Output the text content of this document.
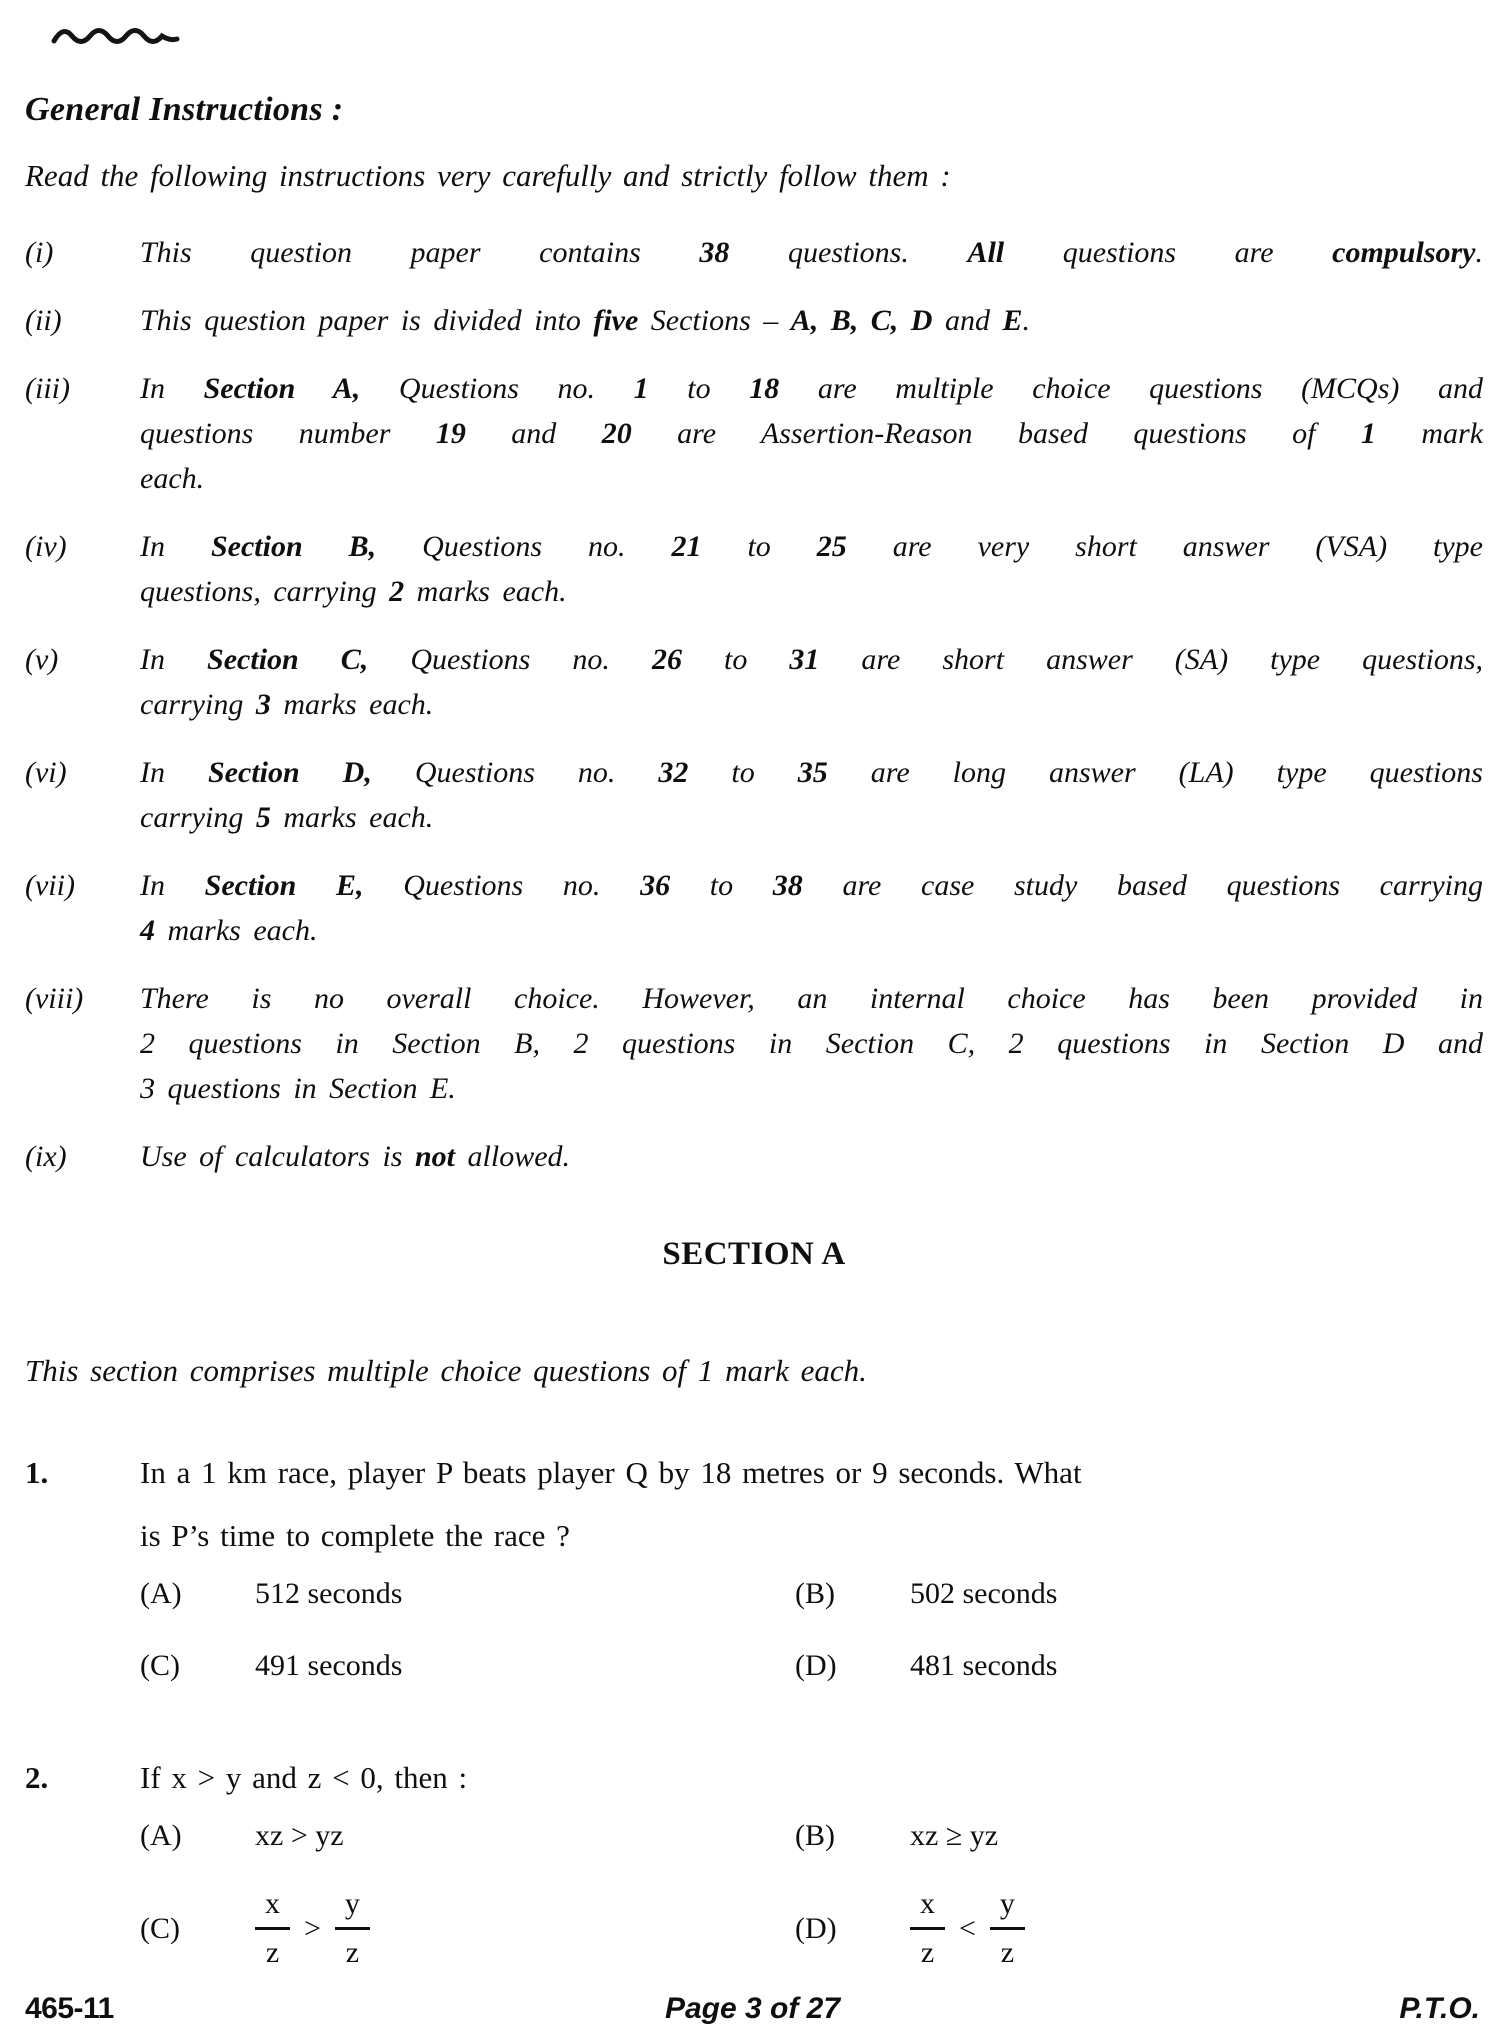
General Instructions :
Read the following instructions very carefully and strictly follow them :
(i)	This question paper contains 38 questions. All questions are compulsory.
(ii)	This question paper is divided into five Sections – A, B, C, D and E.
(iii)	In Section A, Questions no. 1 to 18 are multiple choice questions (MCQs) and
questions number 19 and 20 are Assertion-Reason based questions of 1 mark
each.
(iv)	In Section B, Questions no. 21 to 25 are very short answer (VSA) type
questions, carrying 2 marks each.
(v)	In Section C, Questions no. 26 to 31 are short answer (SA) type questions,
carrying 3 marks each.
(vi)	In Section D, Questions no. 32 to 35 are long answer (LA) type questions
carrying 5 marks each.
(vii)	In Section E, Questions no. 36 to 38 are case study based questions carrying
4 marks each.
(viii)	There is no overall choice. However, an internal choice has been provided in
2 questions in Section B, 2 questions in Section C, 2 questions in Section D and
3 questions in Section E.
(ix)	Use of calculators is not allowed.
SECTION A
This section comprises multiple choice questions of 1 mark each.
1.	In a 1 km race, player P beats player Q by 18 metres or 9 seconds. What
is P’s time to complete the race ?
(A)	512 seconds	(B)	502 seconds
(C)	491 seconds	(D)	481 seconds
2.	If x > y and z < 0, then :
(A)	xz > yz	(B)	xz ≥ yz
(C)	$\frac{x}{z} > \frac{y}{z}$	(D)	$\frac{x}{z} < \frac{y}{z}$
465-11	Page 3 of 27	P.T.O.
